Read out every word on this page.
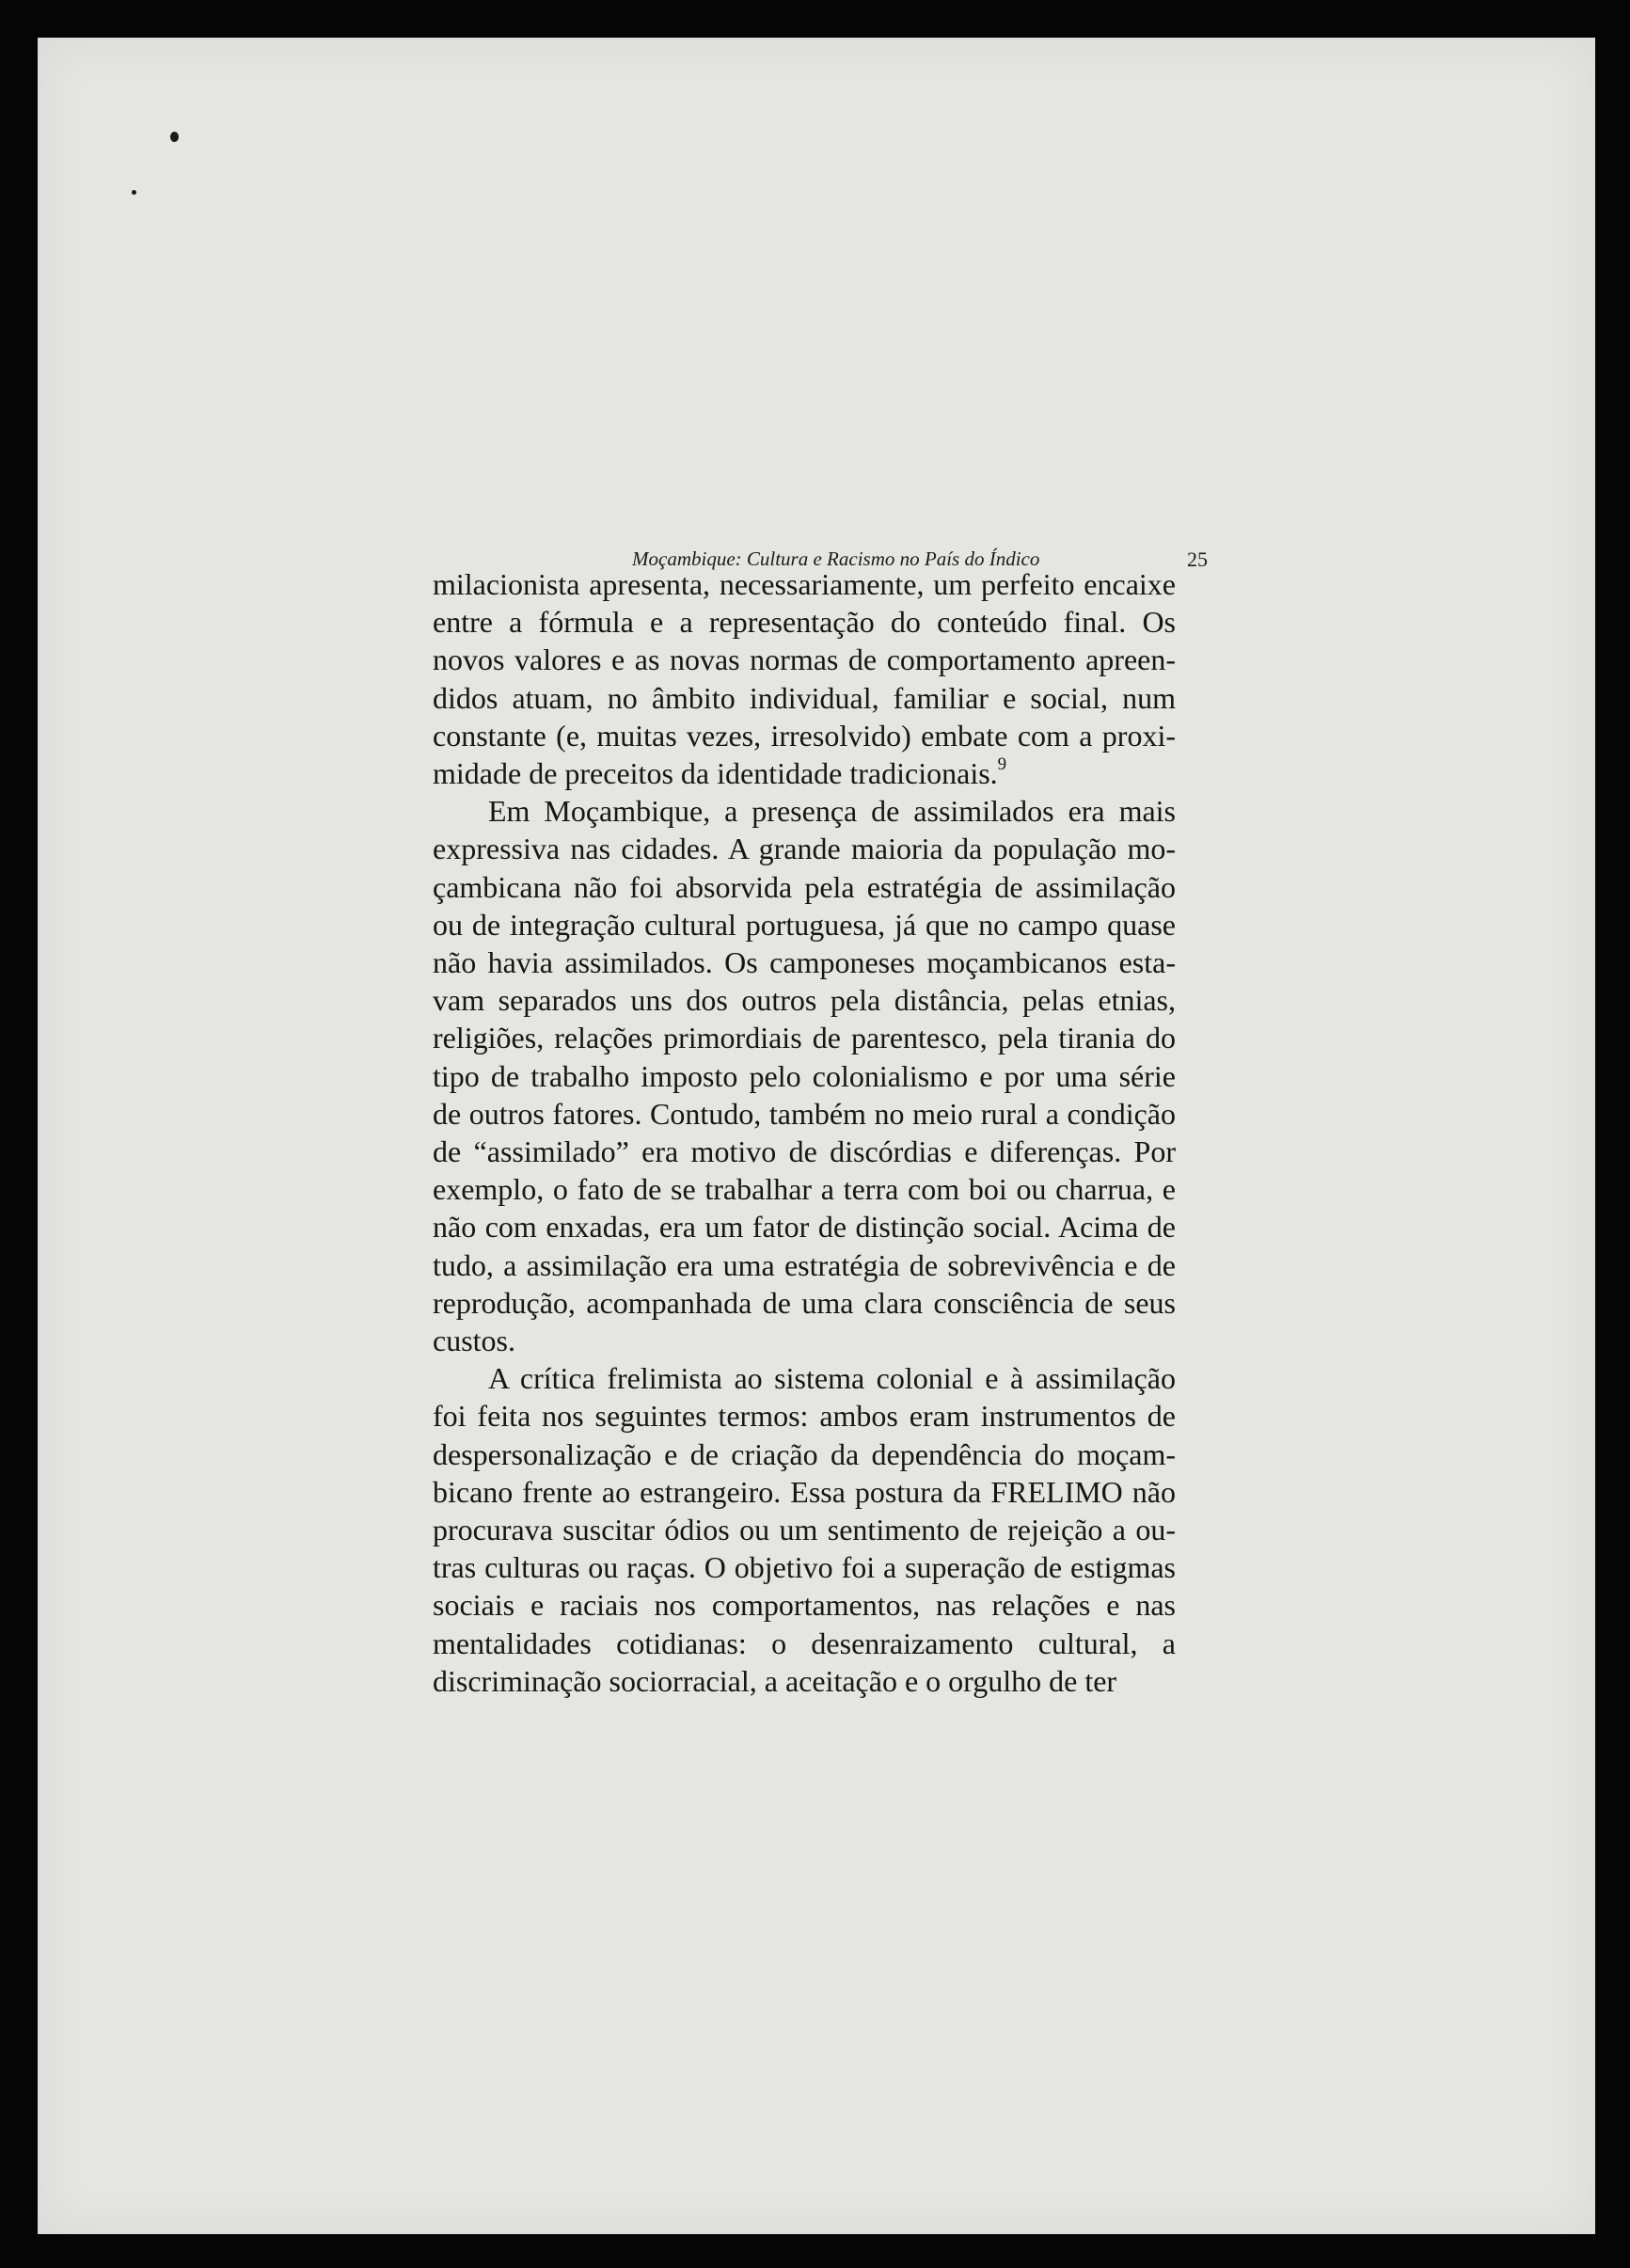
Moçambique: Cultura e Racismo no País do Índico	25

milacionista apresenta, necessariamente, um perfeito encaixe entre a fórmula e a representação do conteúdo final. Os novos valores e as novas normas de comportamento apreendidos atuam, no âmbito individual, familiar e social, num constante (e, muitas vezes, irresolvido) embate com a proximidade de preceitos da identidade tradicionais.$^9$

Em Moçambique, a presença de assimilados era mais expressiva nas cidades. A grande maioria da população moçambicana não foi absorvida pela estratégia de assimilação ou de integração cultural portuguesa, já que no campo quase não havia assimilados. Os camponeses moçambicanos estavam separados uns dos outros pela distância, pelas etnias, religiões, relações primordiais de parentesco, pela tirania do tipo de trabalho imposto pelo colonialismo e por uma série de outros fatores. Contudo, também no meio rural a condição de “assimilado” era motivo de discórdias e diferenças. Por exemplo, o fato de se trabalhar a terra com boi ou charrua, e não com enxadas, era um fator de distinção social. Acima de tudo, a assimilação era uma estratégia de sobrevivência e de reprodução, acompanhada de uma clara consciência de seus custos.

A crítica frelimista ao sistema colonial e à assimilação foi feita nos seguintes termos: ambos eram instrumentos de despersonalização e de criação da dependência do moçambicano frente ao estrangeiro. Essa postura da FRELIMO não procurava suscitar ódios ou um sentimento de rejeição a outras culturas ou raças. O objetivo foi a superação de estigmas sociais e raciais nos comportamentos, nas relações e nas mentalidades cotidianas: o desenraizamento cultural, a discriminação sociorracial, a aceitação e o orgulho de ter
